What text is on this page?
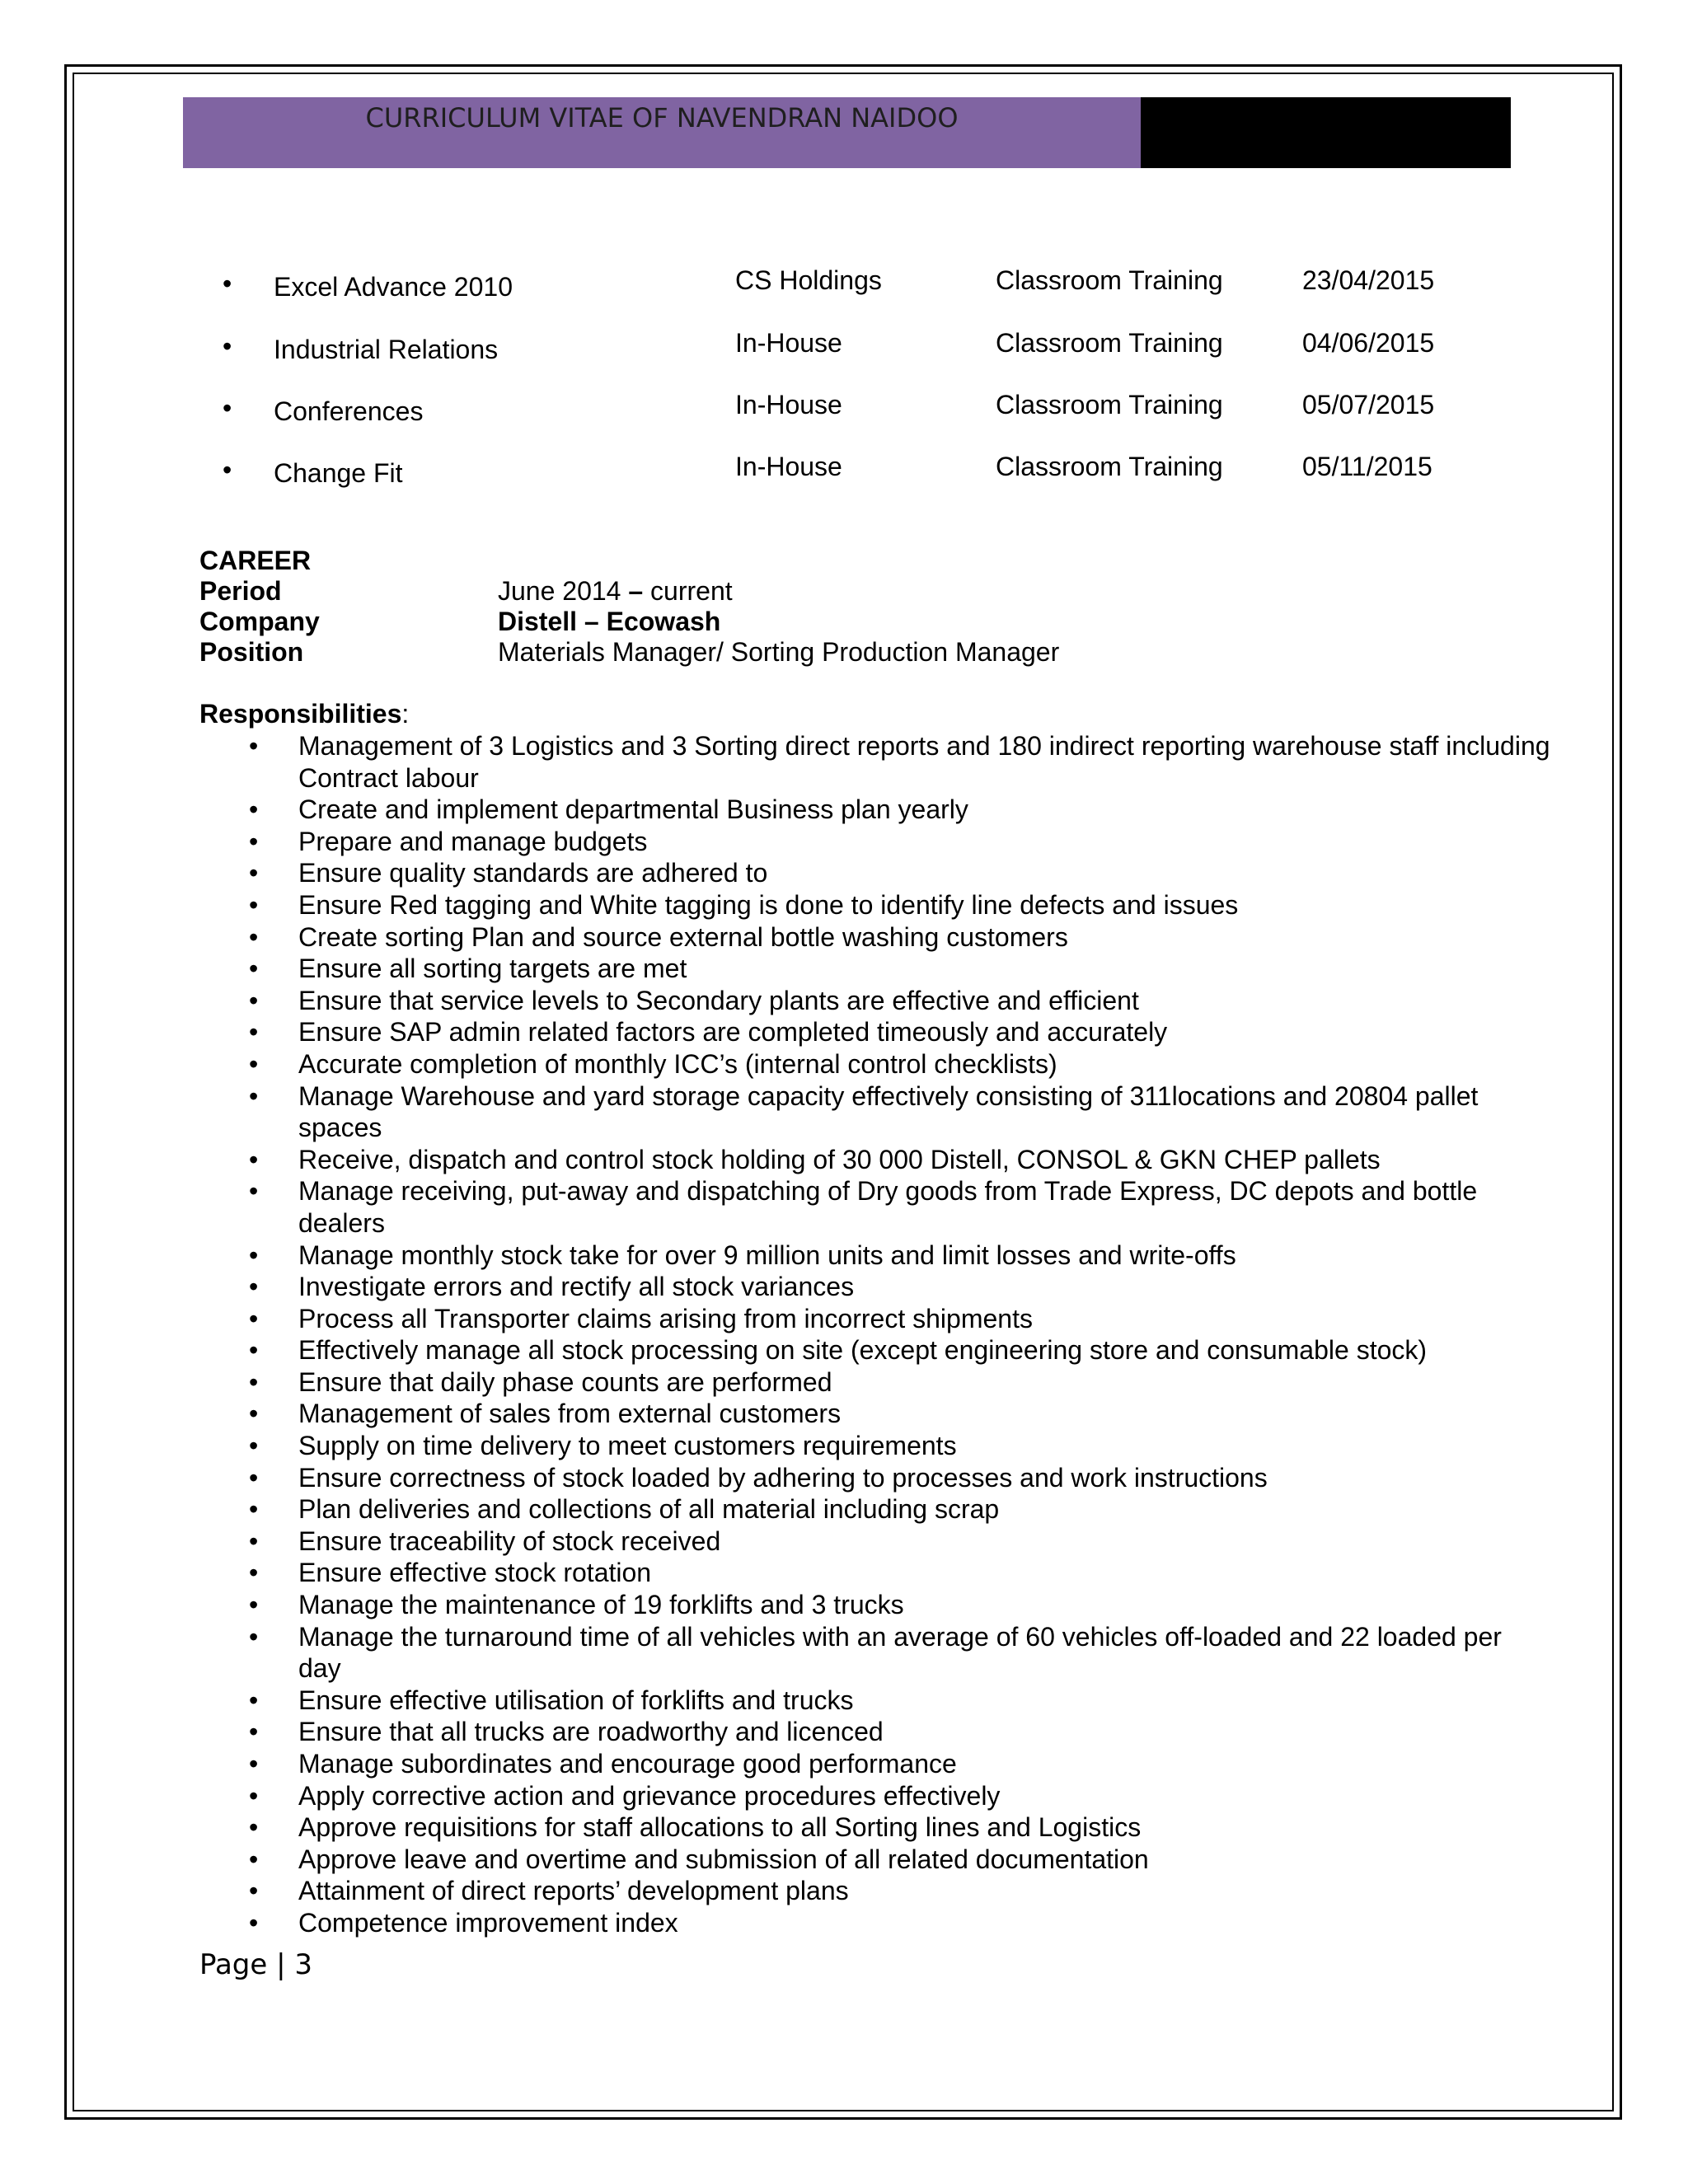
CURRICULUM VITAE OF NAVENDRAN NAIDOO
• Excel Advance 2010	CS Holdings	Classroom Training	23/04/2015
• Industrial Relations	In-House	Classroom Training	04/06/2015
• Conferences	In-House	Classroom Training	05/07/2015
• Change Fit	In-House	Classroom Training	05/11/2015
CAREER
Period	June 2014 – current
Company	Distell – Ecowash
Position	Materials Manager/ Sorting Production Manager
Responsibilities:
• Management of 3 Logistics and 3 Sorting direct reports and 180 indirect reporting warehouse staff including Contract labour
• Create and implement departmental Business plan yearly
• Prepare and manage budgets
• Ensure quality standards are adhered to
• Ensure Red tagging and White tagging is done to identify line defects and issues
• Create sorting Plan and source external bottle washing customers
• Ensure all sorting targets are met
• Ensure that service levels to Secondary plants are effective and efficient
• Ensure SAP admin related factors are completed timeously and accurately
• Accurate completion of monthly ICC’s (internal control checklists)
• Manage Warehouse and yard storage capacity effectively consisting of 311locations and 20804 pallet spaces
• Receive, dispatch and control stock holding of 30 000 Distell, CONSOL & GKN CHEP pallets
• Manage receiving, put-away and dispatching of Dry goods from Trade Express, DC depots and bottle dealers
• Manage monthly stock take for over 9 million units and limit losses and write-offs
• Investigate errors and rectify all stock variances
• Process all Transporter claims arising from incorrect shipments
• Effectively manage all stock processing on site (except engineering store and consumable stock)
• Ensure that daily phase counts are performed
• Management of sales from external customers
• Supply on time delivery to meet customers requirements
• Ensure correctness of stock loaded by adhering to processes and work instructions
• Plan deliveries and collections of all material including scrap
• Ensure traceability of stock received
• Ensure effective stock rotation
• Manage the maintenance of 19 forklifts and 3 trucks
• Manage the turnaround time of all vehicles with an average of 60 vehicles off-loaded and 22 loaded per day
• Ensure effective utilisation of forklifts and trucks
• Ensure that all trucks are roadworthy and licenced
• Manage subordinates and encourage good performance
• Apply corrective action and grievance procedures effectively
• Approve requisitions for staff allocations to all Sorting lines and Logistics
• Approve leave and overtime and submission of all related documentation
• Attainment of direct reports’ development plans
• Competence improvement index
Page | 3
